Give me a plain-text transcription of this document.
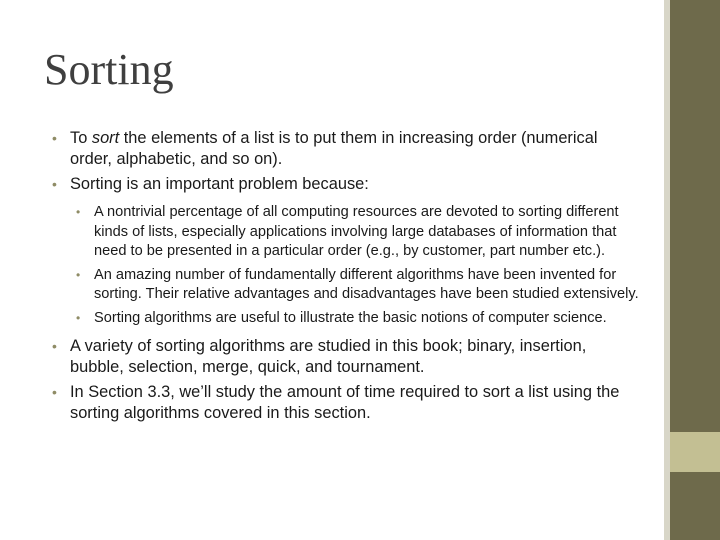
Sorting
• To sort the elements of a list is to put them in increasing order (numerical order, alphabetic, and so on).
• Sorting is an important problem because:
• A nontrivial percentage of all computing resources are devoted to sorting different kinds of lists, especially applications involving large databases of information that need to be presented in a particular order (e.g., by customer, part number etc.).
• An amazing number of fundamentally different algorithms have been invented for sorting. Their relative advantages and disadvantages have been studied extensively.
• Sorting algorithms are useful to illustrate the basic notions of computer science.
• A variety of sorting algorithms are studied in this book; binary, insertion, bubble, selection, merge, quick, and tournament.
• In Section 3.3, we’ll study the amount of time required to sort a list using the sorting algorithms covered in this section.
